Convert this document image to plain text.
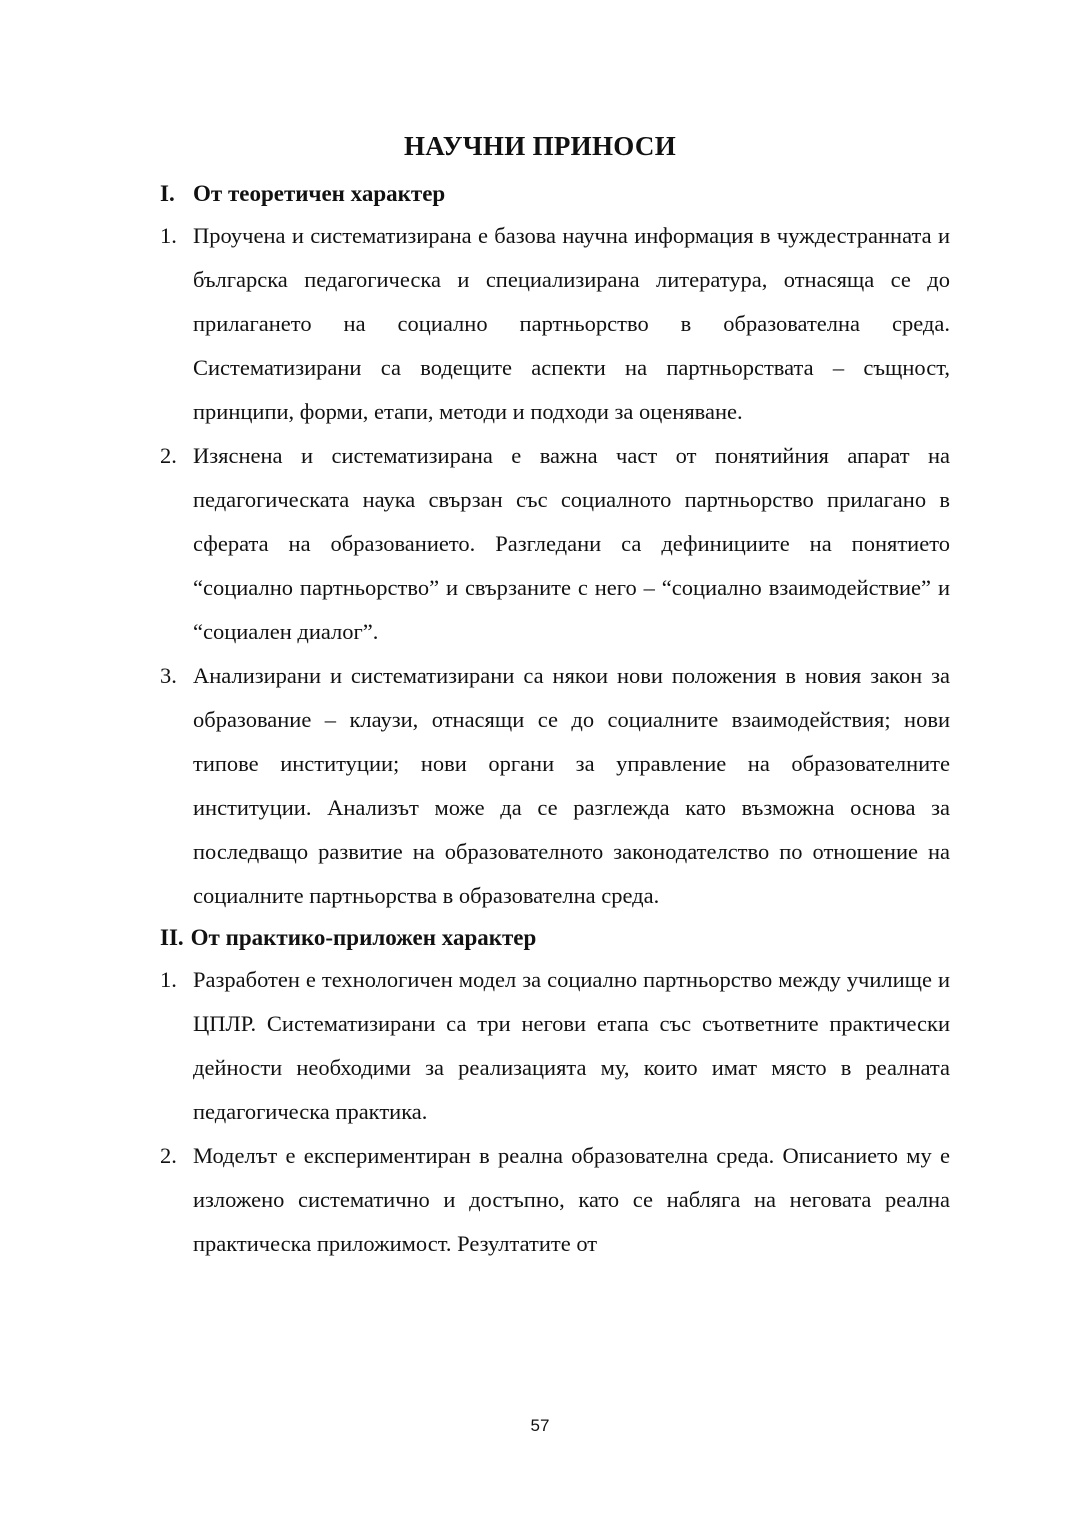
НАУЧНИ ПРИНОСИ
I. От теоретичен характер
1. Проучена и систематизирана е базова научна информация в чуждестранната и българска педагогическа и специализирана литература, отнасяща се до прилагането на социално партньорство в образователна среда. Систематизирани са водещите аспекти на партньорствата – същност, принципи, форми, етапи, методи и подходи за оценяване.
2. Изяснена и систематизирана е важна част от понятийния апарат на педагогическата наука свързан със социалното партньорство прилагано в сферата на образованието. Разгледани са дефинициите на понятието “социално партньорство” и свързаните с него – “социално взаимодействие” и “социален диалог”.
3. Анализирани и систематизирани са някои нови положения в новия закон за образование – клаузи, отнасящи се до социалните взаимодействия; нови типове институции; нови органи за управление на образователните институции. Анализът може да се разглежда като възможна основа за последващо развитие на образователното законодателство по отношение на социалните партньорства в образователна среда.
II. От практико-приложен характер
1. Разработен е технологичен модел за социално партньорство между училище и ЦПЛР. Систематизирани са три негови етапа със съответните практически дейности необходими за реализацията му, които имат място в реалната педагогическа практика.
2. Моделът е експериментиран в реална образователна среда. Описанието му е изложено систематично и достъпно, като се набляга на неговата реална практическа приложимост. Резултатите от
57
